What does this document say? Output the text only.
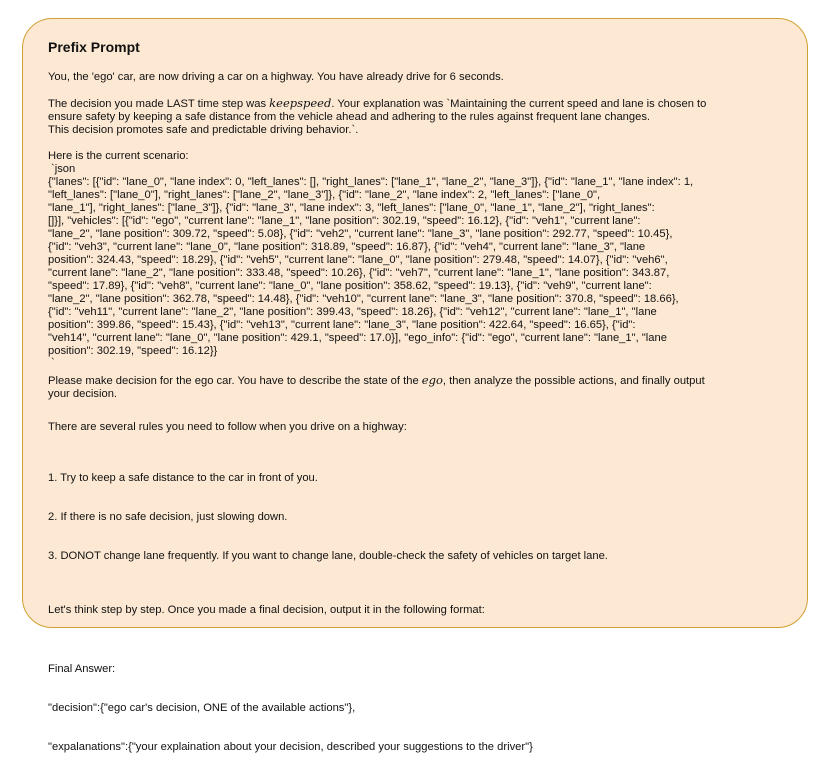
Prefix Prompt
You, the 'ego' car, are now driving a car on a highway. You have already drive for 6 seconds.
The decision you made LAST time step was keepspeed. Your explanation was `Maintaining the current speed and lane is chosen to

ensure safety by keeping a safe distance from the vehicle ahead and adhering to the rules against frequent lane changes.
This decision promotes safe and predictable driving behavior.`.
Here is the current scenario:
`json
{"lanes": [{"id": "lane_0", "lane index": 0, "left_lanes": [], "right_lanes": ["lane_1", "lane_2", "lane_3"]}, {"id": "lane_1", "lane index": 1,
"left_lanes": ["lane_0"], "right_lanes": ["lane_2", "lane_3"]}, {"id": "lane_2", "lane index": 2, "left_lanes": ["lane_0",
"lane_1"], "right_lanes": ["lane_3"]}, {"id": "lane_3", "lane index": 3, "left_lanes": ["lane_0", "lane_1", "lane_2"], "right_lanes":
[]}], "vehicles": [{"id": "ego", "current lane": "lane_1", "lane position": 302.19, "speed": 16.12}, {"id": "veh1", "current lane":
"lane_2", "lane position": 309.72, "speed": 5.08}, {"id": "veh2", "current lane": "lane_3", "lane position": 292.77, "speed": 10.45},
{"id": "veh3", "current lane": "lane_0", "lane position": 318.89, "speed": 16.87}, {"id": "veh4", "current lane": "lane_3", "lane
position": 324.43, "speed": 18.29}, {"id": "veh5", "current lane": "lane_0", "lane position": 279.48, "speed": 14.07}, {"id": "veh6",
"current lane": "lane_2", "lane position": 333.48, "speed": 10.26}, {"id": "veh7", "current lane": "lane_1", "lane position": 343.87,
"speed": 17.89}, {"id": "veh8", "current lane": "lane_0", "lane position": 358.62, "speed": 19.13}, {"id": "veh9", "current lane":
"lane_2", "lane position": 362.78, "speed": 14.48}, {"id": "veh10", "current lane": "lane_3", "lane position": 370.8, "speed": 18.66},
{"id": "veh11", "current lane": "lane_2", "lane position": 399.43, "speed": 18.26}, {"id": "veh12", "current lane": "lane_1", "lane
position": 399.86, "speed": 15.43}, {"id": "veh13", "current lane": "lane_3", "lane position": 422.64, "speed": 16.65}, {"id":
"veh14", "current lane": "lane_0", "lane position": 429.1, "speed": 17.0}], "ego_info": {"id": "ego", "current lane": "lane_1", "lane
position": 302.19, "speed": 16.12}}
`
Please make decision for the ego car. You have to describe the state of the ego, then analyze the possible actions, and finally output
your decision.
There are several rules you need to follow when you drive on a highway:

1. Try to keep a safe distance to the car in front of you.

2. If there is no safe decision, just slowing down.

3. DONOT change lane frequently. If you want to change lane, double-check the safety of vehicles on target lane.

Let's think step by step. Once you made a final decision, output it in the following format:

Final Answer:

"decision":{"ego car's decision, ONE of the available actions"},

"expalanations":{"your explaination about your decision, described your suggestions to the driver"}
